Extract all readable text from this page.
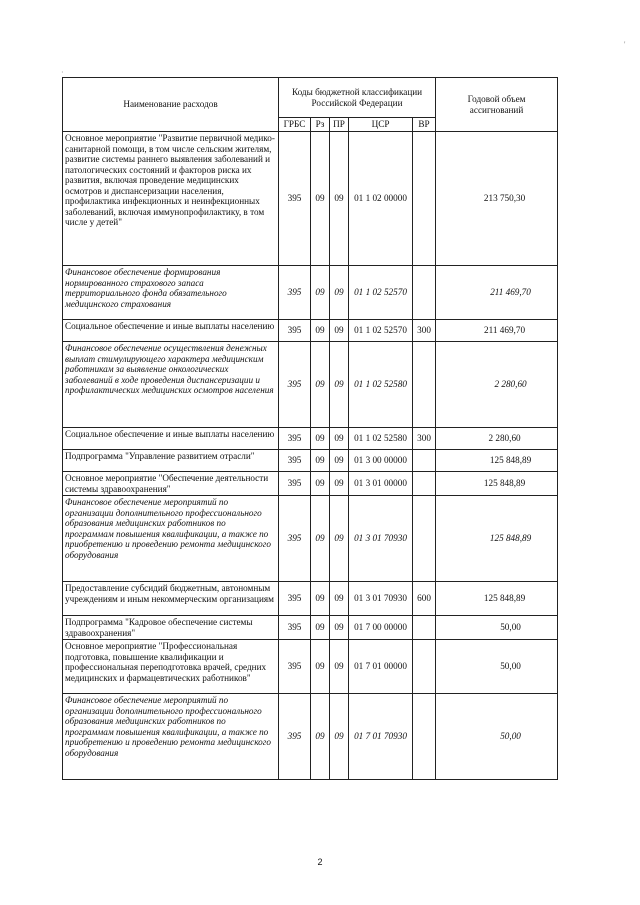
Наименование расходов	Коды бюджетной классификации Российской Федерации					Годовой объем ассигнований
	ГРБС	Рз	ПР	ЦСР	ВР	
Основное мероприятие "Развитие первичной медико-санитарной помощи, в том числе сельским жителям, развитие системы раннего выявления заболеваний и патологических состояний и факторов риска их развития, включая проведение медицинских осмотров и диспансеризации населения, профилактика инфекционных и неинфекционных заболеваний, включая иммунопрофилактику, в том числе у детей"	395	09	09	01 1 02 00000		213 750,30
Финансовое обеспечение формирования нормированного страхового запаса территориального фонда обязательного медицинского страхования	395	09	09	01 1 02 52570		211 469,70
Социальное обеспечение и иные выплаты населению	395	09	09	01 1 02 52570	300	211 469,70
Финансовое обеспечение осуществления денежных выплат стимулирующего характера медицинским работникам за выявление онкологических заболеваний в ходе проведения диспансеризации и профилактических медицинских осмотров населения	395	09	09	01 1 02 52580		2 280,60
Социальное обеспечение и иные выплаты населению	395	09	09	01 1 02 52580	300	2 280,60
Подпрограмма "Управление развитием отрасли"	395	09	09	01 3 00 00000		125 848,89
Основное мероприятие "Обеспечение деятельности системы здравоохранения"	395	09	09	01 3 01 00000		125 848,89
Финансовое обеспечение мероприятий по организации дополнительного профессионального образования медицинских работников по программам повышения квалификации, а также по приобретению и проведению ремонта медицинского оборудования	395	09	09	01 3 01 70930		125 848,89
Предоставление субсидий бюджетным, автономным учреждениям и иным некоммерческим организациям	395	09	09	01 3 01 70930	600	125 848,89
Подпрограмма "Кадровое обеспечение системы здравоохранения"	395	09	09	01 7 00 00000		50,00
Основное мероприятие "Профессиональная подготовка, повышение квалификации и профессиональная переподготовка врачей, средних медицинских и фармацевтических работников"	395	09	09	01 7 01 00000		50,00
Финансовое обеспечение мероприятий по организации дополнительного профессионального образования медицинских работников по программам повышения квалификации, а также по приобретению и проведению ремонта медицинского оборудования	395	09	09	01 7 01 70930		50,00
2
·
'
